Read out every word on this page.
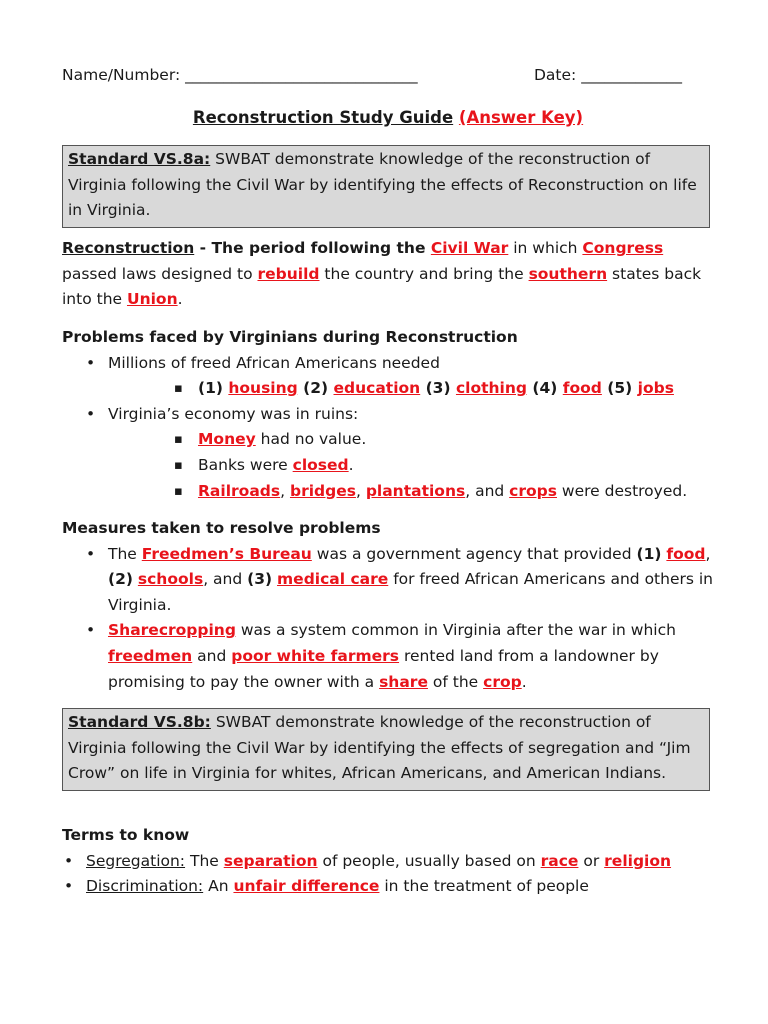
Name/Number: ______________________________	Date: _____________
Reconstruction Study Guide (Answer Key)
Standard VS.8a: SWBAT demonstrate knowledge of the reconstruction of Virginia following the Civil War by identifying the effects of Reconstruction on life in Virginia.
Reconstruction - The period following the Civil War in which Congress passed laws designed to rebuild the country and bring the southern states back into the Union.
Problems faced by Virginians during Reconstruction
• Millions of freed African Americans needed
▪ (1) housing (2) education (3) clothing (4) food (5) jobs
• Virginia’s economy was in ruins:
▪ Money had no value.
▪ Banks were closed.
▪ Railroads, bridges, plantations, and crops were destroyed.
Measures taken to resolve problems
• The Freedmen’s Bureau was a government agency that provided (1) food, (2) schools, and (3) medical care for freed African Americans and others in Virginia.
• Sharecropping was a system common in Virginia after the war in which freedmen and poor white farmers rented land from a landowner by promising to pay the owner with a share of the crop.
Standard VS.8b: SWBAT demonstrate knowledge of the reconstruction of Virginia following the Civil War by identifying the effects of segregation and “Jim Crow” on life in Virginia for whites, African Americans, and American Indians.
Terms to know
• Segregation: The separation of people, usually based on race or religion
• Discrimination: An unfair difference in the treatment of people
